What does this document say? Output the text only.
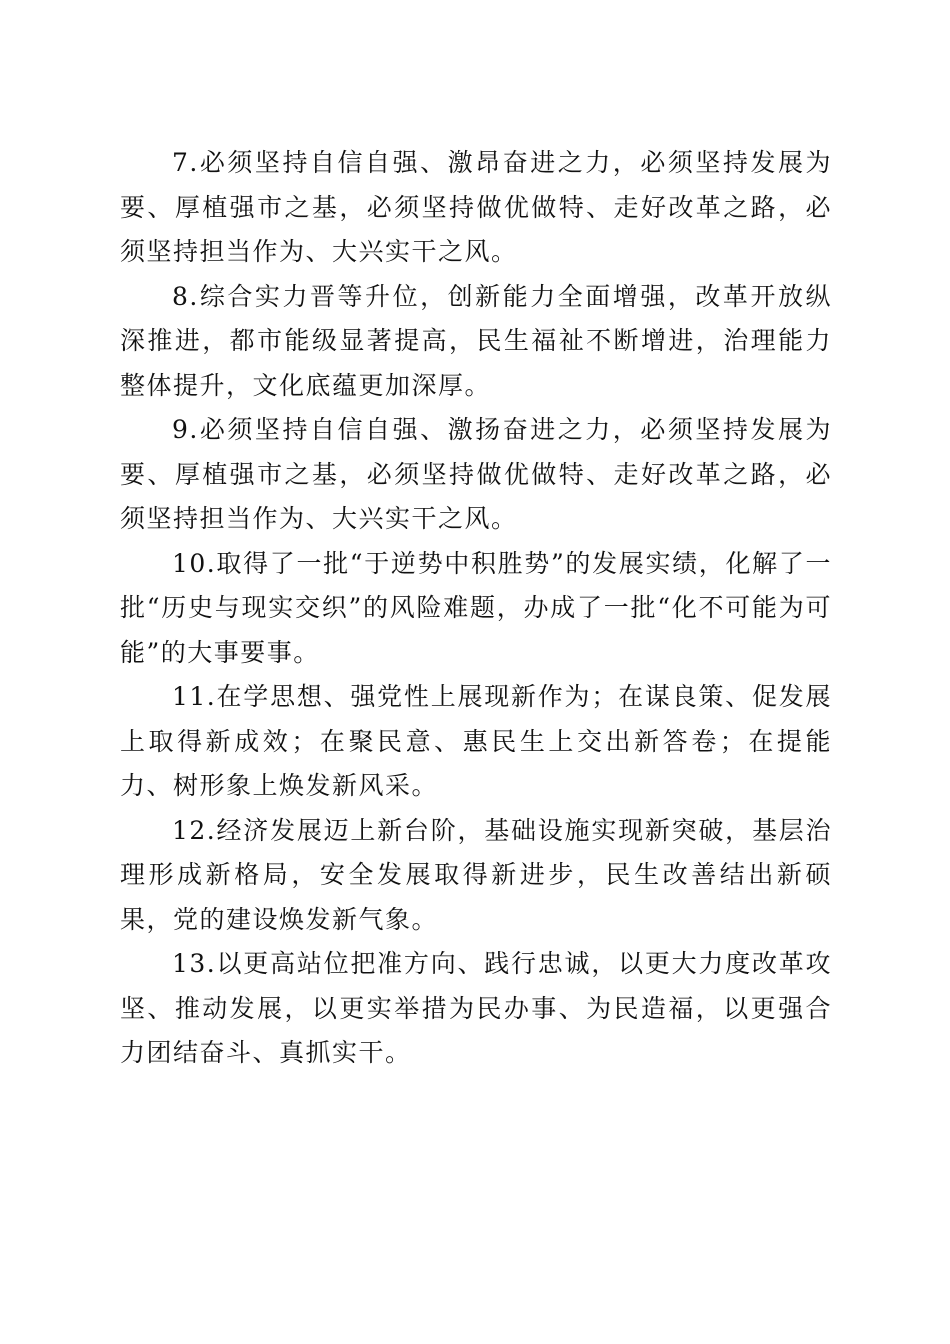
7.必须坚持自信自强、激昂奋进之力，必须坚持发展为要、厚植强市之基，必须坚持做优做特、走好改革之路，必须坚持担当作为、大兴实干之风。

8.综合实力晋等升位，创新能力全面增强，改革开放纵深推进，都市能级显著提高，民生福祉不断增进，治理能力整体提升，文化底蕴更加深厚。

9.必须坚持自信自强、激扬奋进之力，必须坚持发展为要、厚植强市之基，必须坚持做优做特、走好改革之路，必须坚持担当作为、大兴实干之风。

10.取得了一批“于逆势中积胜势”的发展实绩，化解了一批“历史与现实交织”的风险难题，办成了一批“化不可能为可能”的大事要事。

11.在学思想、强党性上展现新作为；在谋良策、促发展上取得新成效；在聚民意、惠民生上交出新答卷；在提能力、树形象上焕发新风采。

12.经济发展迈上新台阶，基础设施实现新突破，基层治理形成新格局，安全发展取得新进步，民生改善结出新硕果，党的建设焕发新气象。

13.以更高站位把准方向、践行忠诚，以更大力度改革攻坚、推动发展，以更实举措为民办事、为民造福，以更强合力团结奋斗、真抓实干。
